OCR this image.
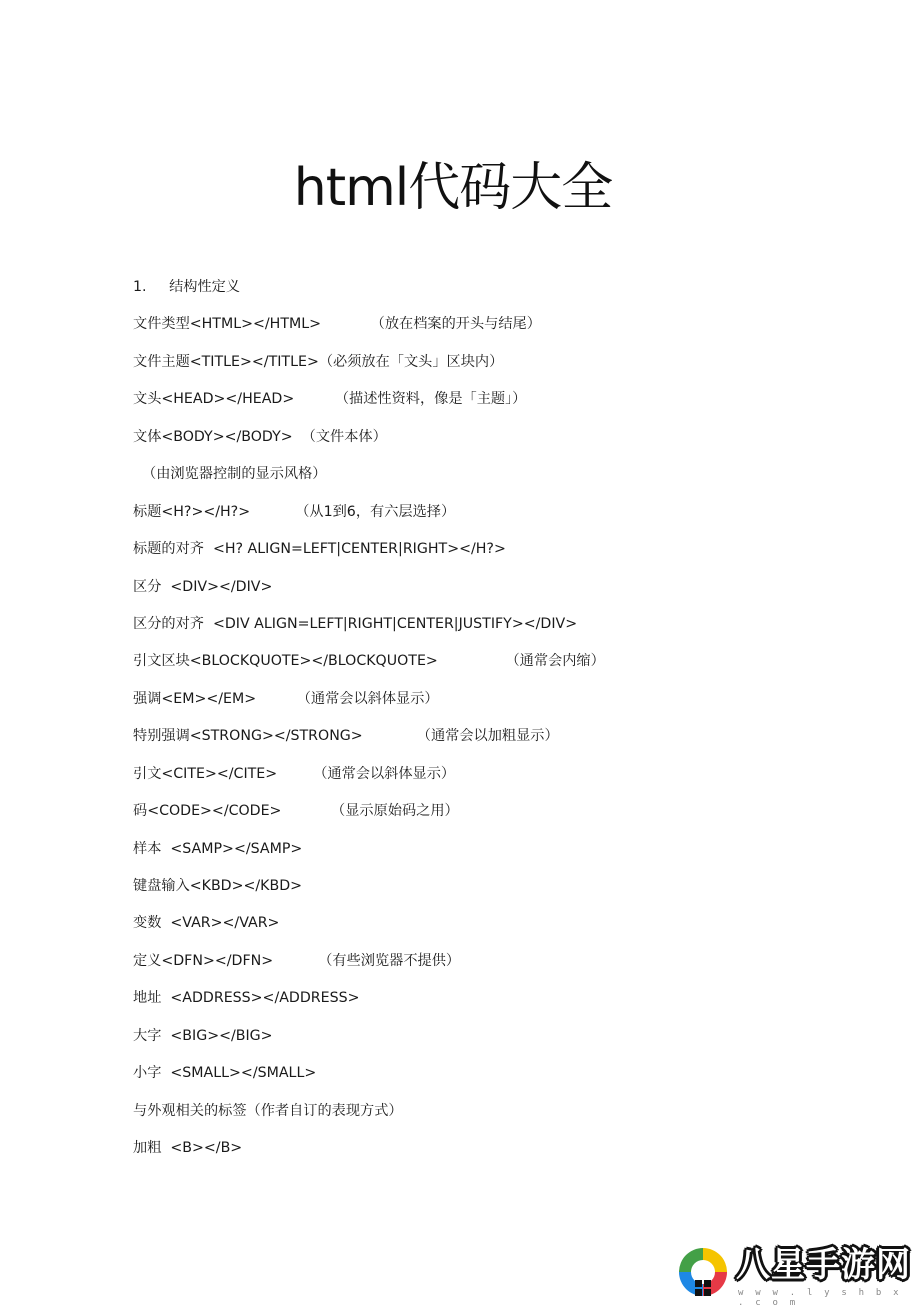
html代码大全
1.     结构性定义
文件类型<HTML></HTML>           （放在档案的开头与结尾）
文件主题<TITLE></TITLE>（必须放在「文头」区块内）
文头<HEAD></HEAD>         （描述性资料，像是「主题」）
文体<BODY></BODY>  （文件本体）
（由浏览器控制的显示风格）
标题<H?></H?>          （从1到6，有六层选择）
标题的对齐  <H? ALIGN=LEFT|CENTER|RIGHT></H?>
区分  <DIV></DIV>
区分的对齐  <DIV ALIGN=LEFT|RIGHT|CENTER|JUSTIFY></DIV>
引文区块<BLOCKQUOTE></BLOCKQUOTE>               （通常会内缩）
强调<EM></EM>         （通常会以斜体显示）
特别强调<STRONG></STRONG>            （通常会以加粗显示）
引文<CITE></CITE>        （通常会以斜体显示）
码<CODE></CODE>           （显示原始码之用）
样本  <SAMP></SAMP>
键盘输入<KBD></KBD>
变数  <VAR></VAR>
定义<DFN></DFN>          （有些浏览器不提供）
地址  <ADDRESS></ADDRESS>
大字  <BIG></BIG>
小字  <SMALL></SMALL>
与外观相关的标签（作者自订的表现方式）
加粗  <B></B>
八星手游网
w w w . l y s h b x . c o m
